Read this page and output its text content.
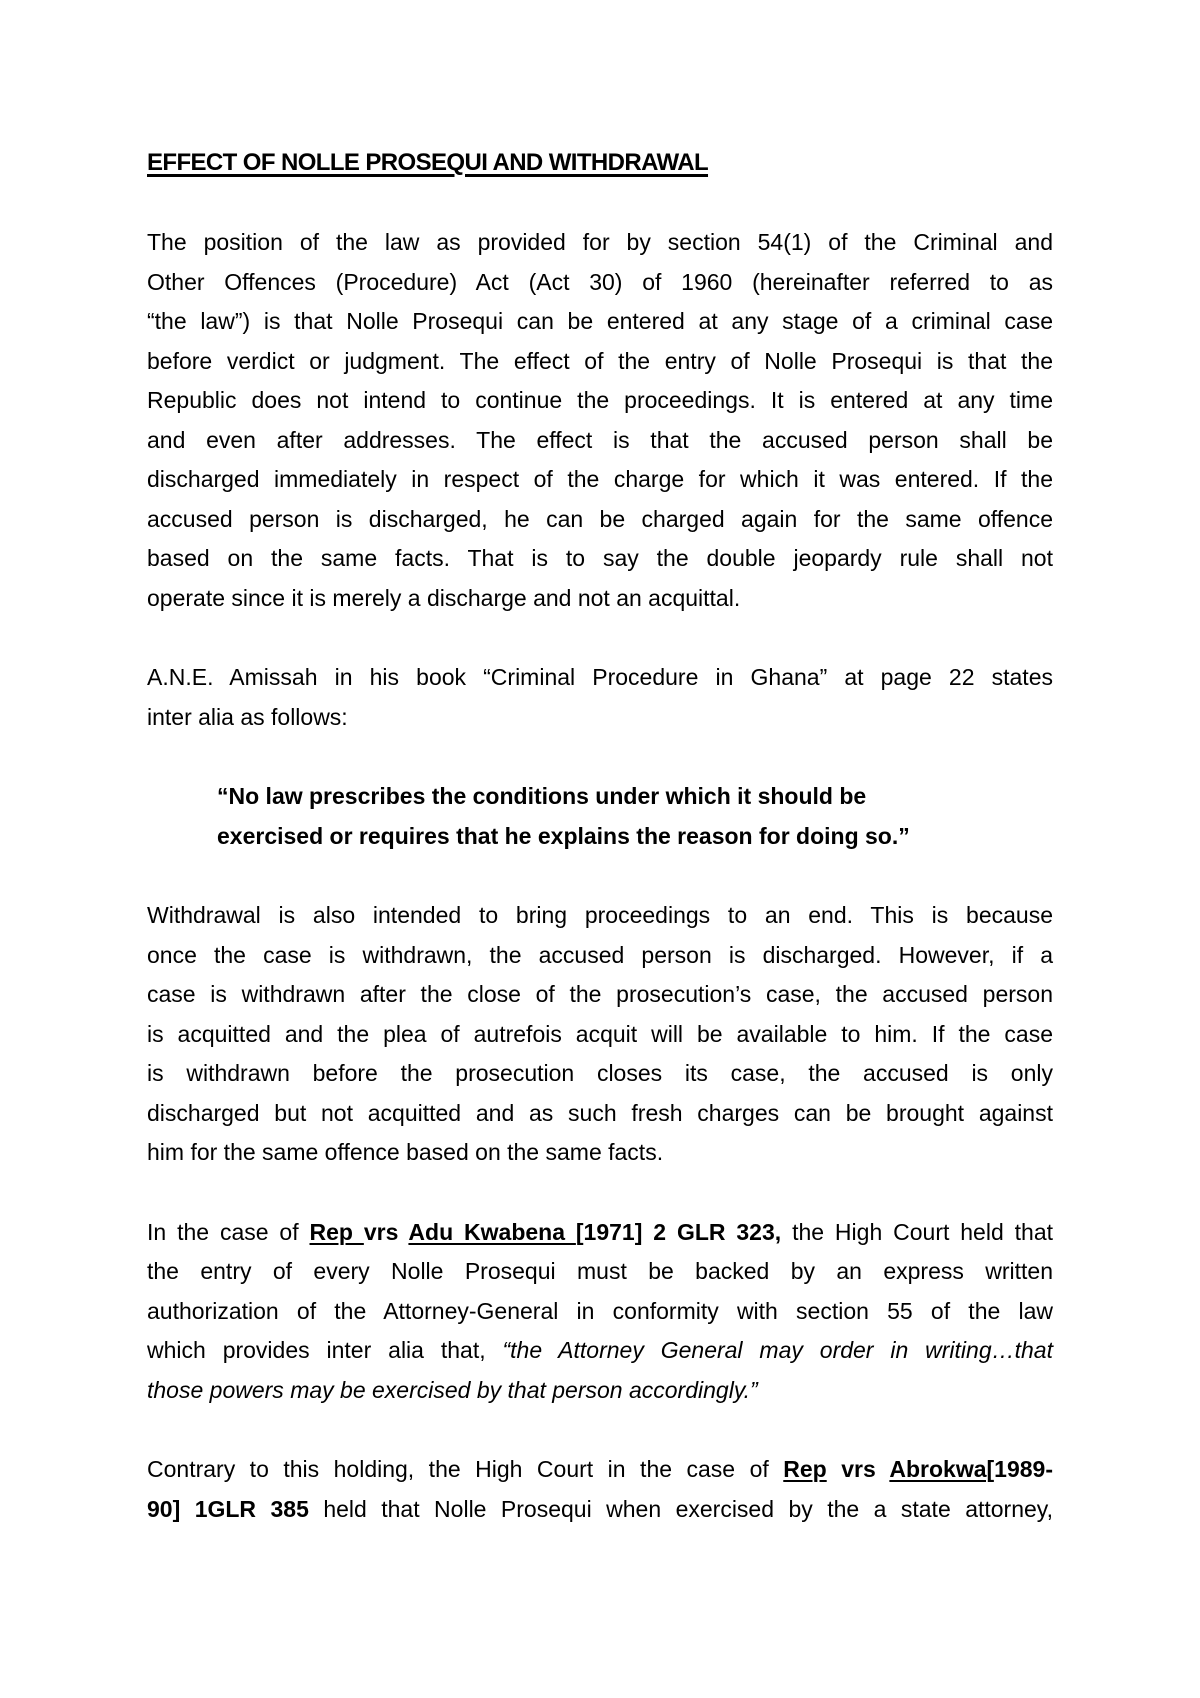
EFFECT OF NOLLE PROSEQUI AND WITHDRAWAL
The position of the law as provided for by section 54(1) of the Criminal and
Other Offences (Procedure) Act (Act 30) of 1960 (hereinafter referred to as
“the law”) is that Nolle Prosequi can be entered at any stage of a criminal case
before verdict or judgment. The effect of the entry of Nolle Prosequi is that the
Republic does not intend to continue the proceedings. It is entered at any time
and even after addresses. The effect is that the accused person shall be
discharged immediately in respect of the charge for which it was entered. If the
accused person is discharged, he can be charged again for the same offence
based on the same facts. That is to say the double jeopardy rule shall not
operate since it is merely a discharge and not an acquittal.
A.N.E. Amissah in his book “Criminal Procedure in Ghana” at page 22 states
inter alia as follows:
“No law prescribes the conditions under which it should be
exercised or requires that he explains the reason for doing so.”
Withdrawal is also intended to bring proceedings to an end. This is because
once the case is withdrawn, the accused person is discharged. However, if a
case is withdrawn after the close of the prosecution’s case, the accused person
is acquitted and the plea of autrefois acquit will be available to him. If the case
is withdrawn before the prosecution closes its case, the accused is only
discharged but not acquitted and as such fresh charges can be brought against
him for the same offence based on the same facts.
In the case of Rep vrs Adu Kwabena [1971] 2 GLR 323, the High Court held that
the entry of every Nolle Prosequi must be backed by an express written
authorization of the Attorney-General in conformity with section 55 of the law
which provides inter alia that, “the Attorney General may order in writing…that
those powers may be exercised by that person accordingly.”
Contrary to this holding, the High Court in the case of Rep vrs Abrokwa[1989-
90] 1GLR 385 held that Nolle Prosequi when exercised by the a state attorney,
